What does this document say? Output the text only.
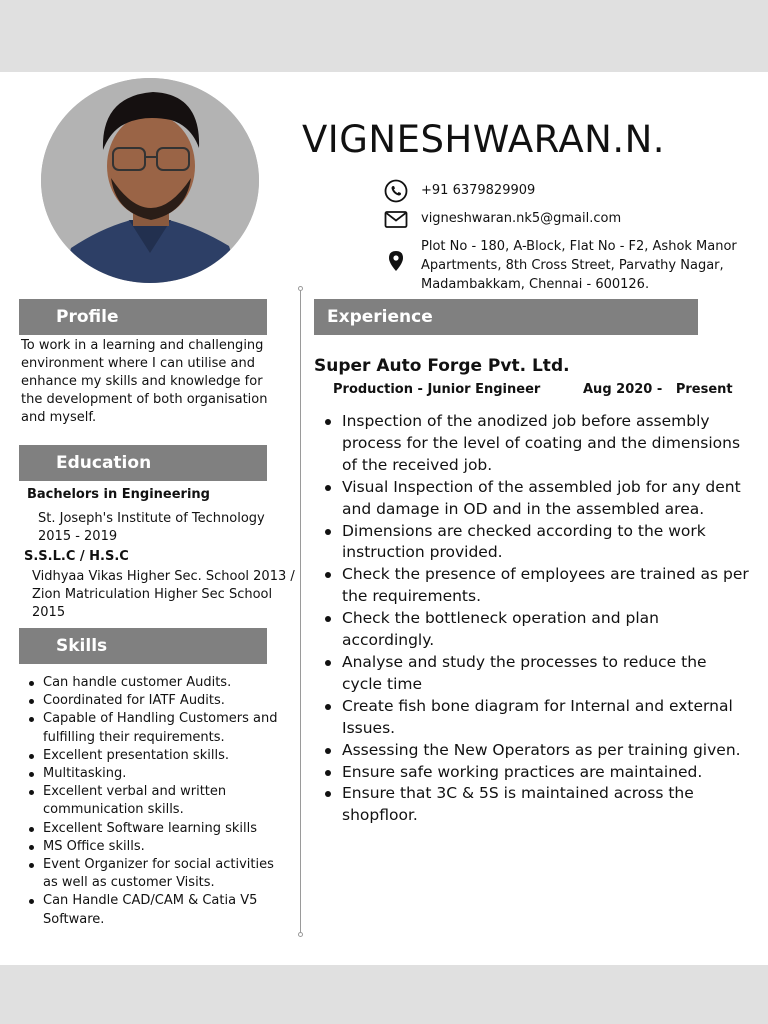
VIGNESHWARAN.N.
+91 6379829909
vigneshwaran.nk5@gmail.com
Plot No - 180, A-Block, Flat No - F2, Ashok Manor
Apartments, 8th Cross Street, Parvathy Nagar,
Madambakkam, Chennai - 600126.
Profile
To work in a learning and challenging
environment where I can utilise and
enhance my skills and knowledge for
the development of both organisation
and myself.
Education
Bachelors in Engineering
St. Joseph's Institute of Technology
2015 - 2019
S.S.L.C / H.S.C
Vidhyaa Vikas Higher Sec. School 2013 /
Zion Matriculation Higher Sec School
2015
Skills
Can handle customer Audits.
Coordinated for IATF Audits.
Capable of Handling Customers and
fulfilling their requirements.
Excellent presentation skills.
Multitasking.
Excellent verbal and written
communication skills.
Excellent Software learning skills
MS Office skills.
Event Organizer for social activities
as well as customer Visits.
Can Handle CAD/CAM & Catia V5
Software.
Experience
Super Auto Forge Pvt. Ltd.
Production - Junior Engineer	Aug 2020 -   Present
Inspection of the anodized job before assembly
process for the level of coating and the dimensions
of the received job.
Visual Inspection of the assembled job for any dent
and damage in OD and in the assembled area.
Dimensions are checked according to the work
instruction provided.
Check the presence of employees are trained as per
the requirements.
Check the bottleneck operation and plan
accordingly.
Analyse and study the processes to reduce the
cycle time
Create fish bone diagram for Internal and external
Issues.
Assessing the New Operators as per training given.
Ensure safe working practices are maintained.
Ensure that 3C & 5S is maintained across the
shopfloor.
